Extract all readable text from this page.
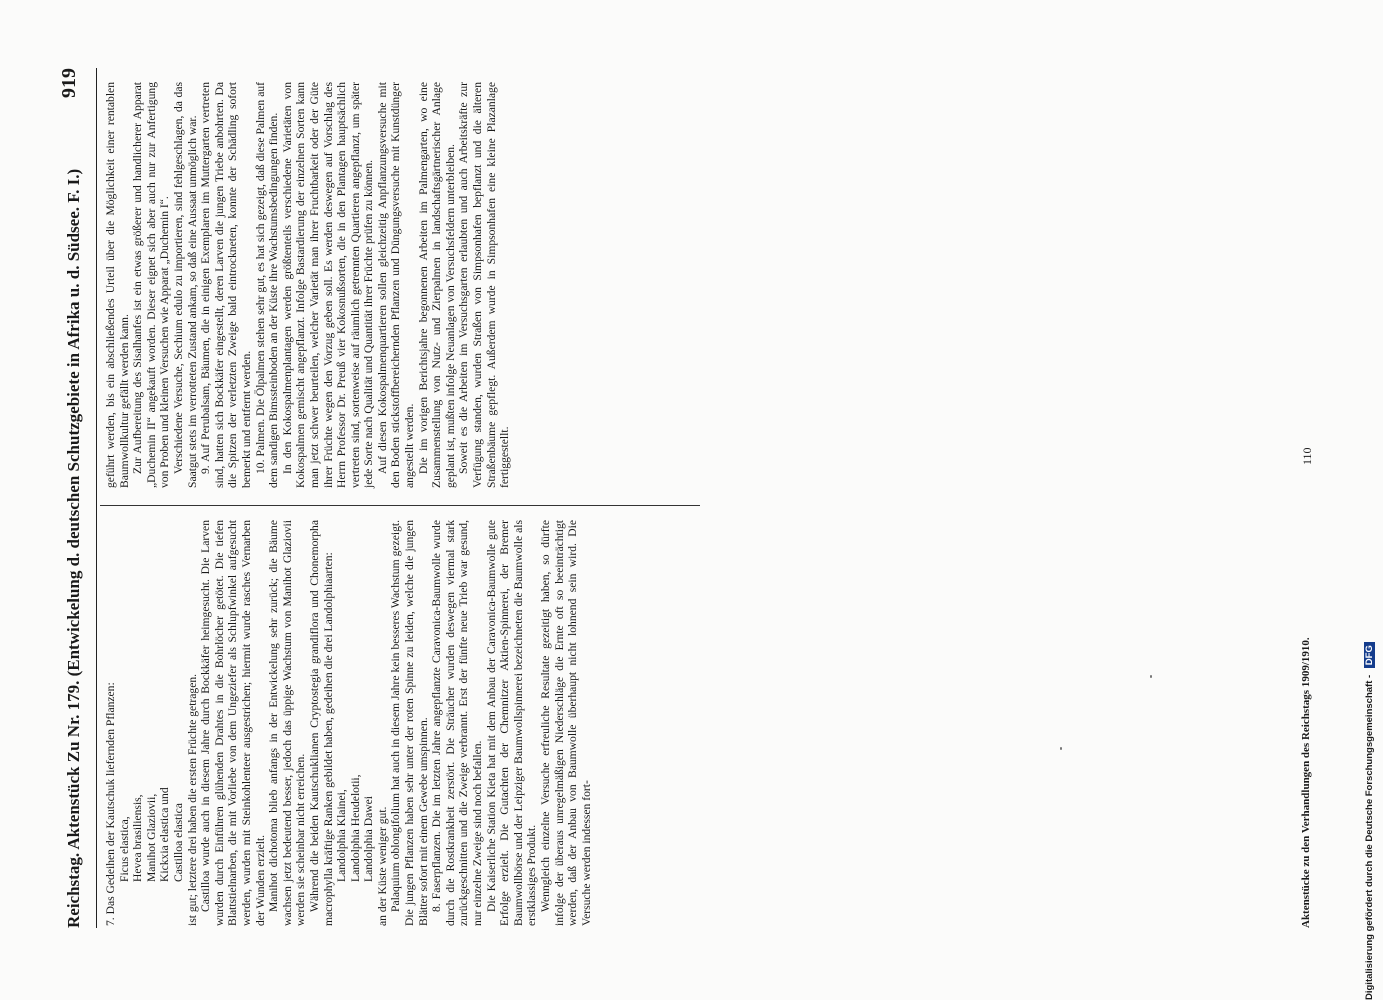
Reichstag. Aktenstück Zu Nr. 179. (Entwickelung d. deutschen Schutzgebiete in Afrika u. d. Südsee. F. I.)
919

7. Das Gedeihen der Kautschuk liefernden Pflanzen: Ficus elastica, Hevea brasiliensis, Manihot Glaziovii, Kickxia elastica und Castilloa elastica ist gut; letztere drei haben die ersten Früchte getragen. Castilloa wurde auch in diesem Jahre durch Bockkäfer heimgesucht. Die Larven wurden durch Einführen glühenden Drahtes in die Bohrlöcher getötet. Die tiefen Blattstielnarben, die mit Vorliebe von dem Ungeziefer als Schlupfwinkel aufgesucht werden, wurden mit Steinkohlenteer ausgestrichen; hiermit wurde rasches Vernarben der Wunden erzielt. Manihot dichotoma blieb anfangs in der Entwickelung sehr zurück; die Bäume wachsen jetzt bedeutend besser, jedoch das üppige Wachstum von Manihot Glaziovii werden sie scheinbar nicht erreichen. Während die beiden Kautschuklianen Cryptostegia grandiflora und Chonemorpha macrophylla kräftige Ranken gebildet haben, gedeihen die drei Landolphiaarten: Landolphia Klainei, Landolphia Heudelotii, Landolphia Dawei an der Küste weniger gut. Palaquium oblongifolium hat auch in diesem Jahre kein besseres Wachstum gezeigt. Die jungen Pflanzen haben sehr unter der roten Spinne zu leiden, welche die jungen Blätter sofort mit einem Gewebe umspinnen. 8. Faserpflanzen. Die im letzten Jahre angepflanzte Caravonica-Baumwolle wurde durch die Rostkrankheit zerstört. Die Sträucher wurden deswegen viermal stark zurückgeschnitten und die Zweige verbrannt. Erst der fünfte neue Trieb war gesund, nur einzelne Zweige sind noch befallen. Die Kaiserliche Station Kieta hat mit dem Anbau der Caravonica-Baumwolle gute Erfolge erzielt. Die Gutachten der Chemnitzer Aktien-Spinnerei, der Bremer Baumwollbörse und der Leipziger Baumwollspinnerei bezeichneten die Baumwolle als erstklassiges Produkt. Wenngleich einzelne Versuche erfreuliche Resultate gezeitigt haben, so dürfte infolge der überaus unregelmäßigen Niederschläge die Ernte oft so beeinträchtigt werden, daß der Anbau von Baumwolle überhaupt nicht lohnend sein wird. Die Versuche werden indessen fort-

geführt werden, bis ein abschließendes Urteil über die Möglichkeit einer rentablen Baumwollkultur gefällt werden kann. Zur Aufbereitung des Sisalhanfes ist ein etwas größerer und handlicherer Apparat „Duchemin II“ angekauft worden. Dieser eignet sich aber auch nur zur Anfertigung von Proben und kleinen Versuchen wie Apparat „Duchemin I“. Verschiedene Versuche, Sechium edulo zu importieren, sind fehlgeschlagen, da das Saatgut stets im verrotteten Zustand ankam, so daß eine Aussaat unmöglich war. 9. Auf Perubalsam, Bäumen, die in einigen Exemplaren im Muttergarten vertreten sind, hatten sich Bockkäfer eingestellt, deren Larven die jungen Triebe anbohrten. Da die Spitzen der verletzten Zweige bald eintrockneten, konnte der Schädling sofort bemerkt und entfernt werden. 10. Palmen. Die Ölpalmen stehen sehr gut, es hat sich gezeigt, daß diese Palmen auf dem sandigen Bimssteinboden an der Küste ihre Wachstumsbedingungen finden. In den Kokospalmenplantagen werden größtenteils verschiedene Varietäten von Kokospalmen gemischt angepflanzt. Infolge Bastardierung der einzelnen Sorten kann man jetzt schwer beurteilen, welcher Varietät man ihrer Fruchtbarkeit oder der Güte ihrer Früchte wegen den Vorzug geben soll. Es werden deswegen auf Vorschlag des Herrn Professor Dr. Preuß vier Kokosnußsorten, die in den Plantagen hauptsächlich vertreten sind, sortenweise auf räumlich getrennten Quartieren angepflanzt, um später jede Sorte nach Qualität und Quantität ihrer Früchte prüfen zu können. Auf diesen Kokospalmenquartieren sollen gleichzeitig Anpflanzungsversuche mit den Boden stickstoffbereichernden Pflanzen und Düngungsversuche mit Kunstdünger angestellt werden. Die im vorigen Berichtsjahre begonnenen Arbeiten im Palmengarten, wo eine Zusammenstellung von Nutz- und Zierpalmen in landschaftsgärtnerischer Anlage geplant ist, mußten infolge Neuanlagen von Versuchsfeldern unterbleiben. Soweit es die Arbeiten im Versuchsgarten erlaubten und auch Arbeitskräfte zur Verfügung standen, wurden Straßen von Simpsonhafen bepflanzt und die älteren Straßenbäume gepflegt. Außerdem wurde in Simpsonhafen eine kleine Plazanlage fertiggestellt.

Aktenstücke zu den Verhandlungen des Reichstags 1909/1910.
110
Digitalisierung gefördert durch die Deutsche Forschungsgemeinschaft - DFG
